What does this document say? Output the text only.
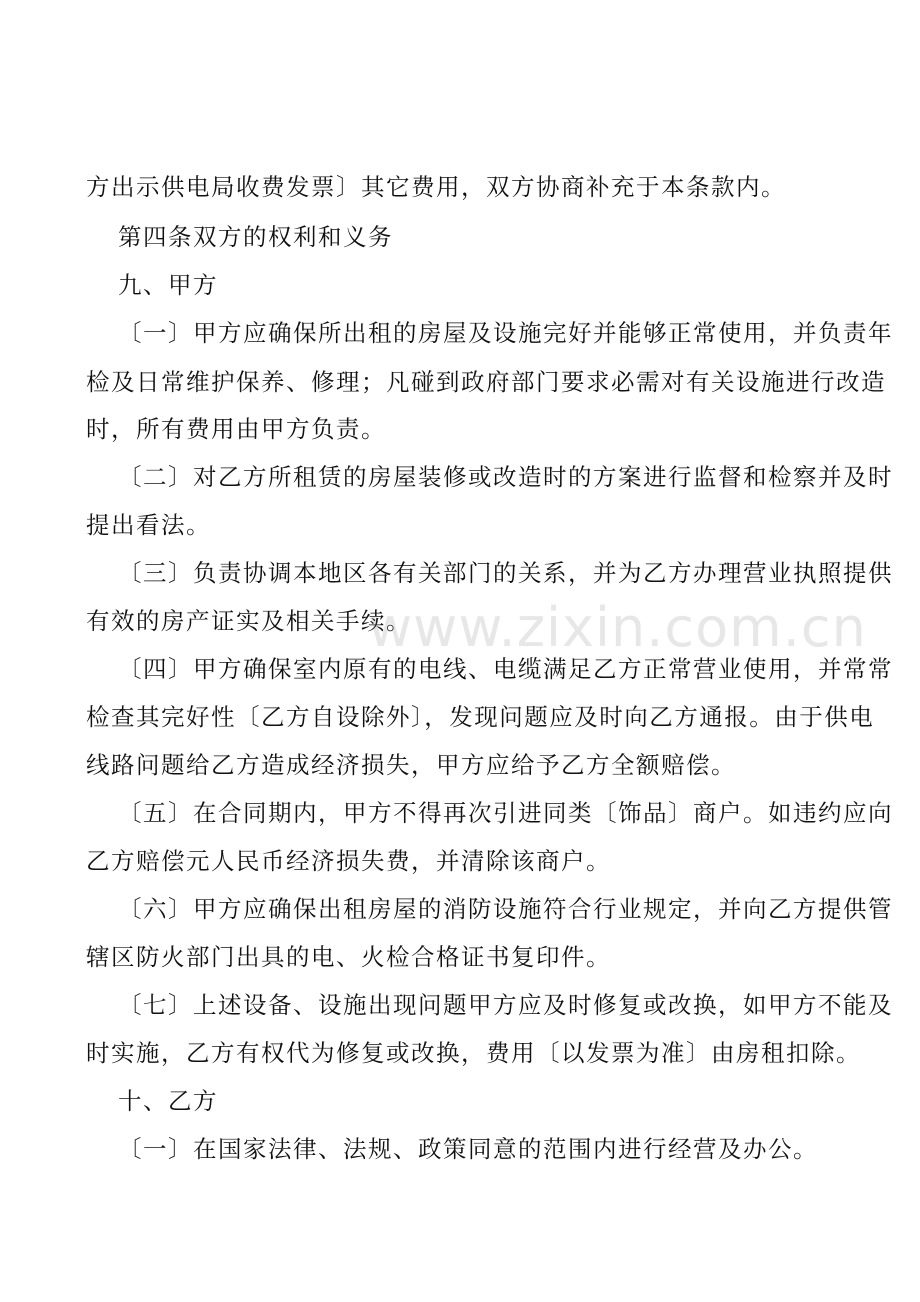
方出示供电局收费发票〕其它费用，双方协商补充于本条款内。
第四条双方的权利和义务
九、甲方
〔一〕甲方应确保所出租的房屋及设施完好并能够正常使用，并负责年
检及日常维护保养、修理；凡碰到政府部门要求必需对有关设施进行改造
时，所有费用由甲方负责。
〔二〕对乙方所租赁的房屋装修或改造时的方案进行监督和检察并及时
提出看法。
〔三〕负责协调本地区各有关部门的关系，并为乙方办理营业执照提供
有效的房产证实及相关手续。
〔四〕甲方确保室内原有的电线、电缆满足乙方正常营业使用，并常常
检查其完好性〔乙方自设除外〕，发现问题应及时向乙方通报。由于供电
线路问题给乙方造成经济损失，甲方应给予乙方全额赔偿。
〔五〕在合同期内，甲方不得再次引进同类〔饰品〕商户。如违约应向
乙方赔偿元人民币经济损失费，并清除该商户。
〔六〕甲方应确保出租房屋的消防设施符合行业规定，并向乙方提供管
辖区防火部门出具的电、火检合格证书复印件。
〔七〕上述设备、设施出现问题甲方应及时修复或改换，如甲方不能及
时实施，乙方有权代为修复或改换，费用〔以发票为准〕由房租扣除。
十、乙方
〔一〕在国家法律、法规、政策同意的范围内进行经营及办公。
www.zixin.com.cn
